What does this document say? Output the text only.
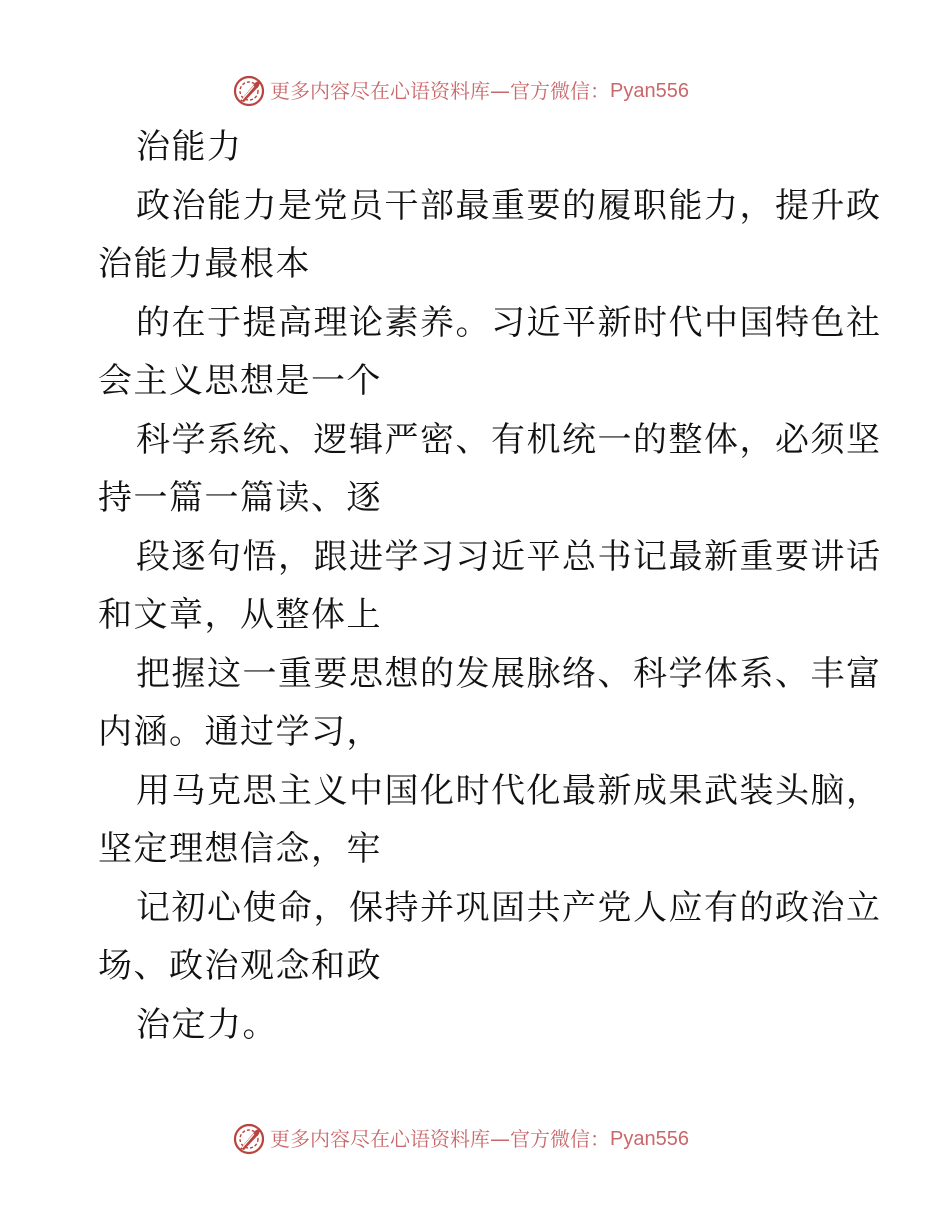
更多内容尽在心语资料库—官方微信： Pyan556
治能力
政治能力是党员干部最重要的履职能力，提升政
治能力最根本
的在于提高理论素养。习近平新时代中国特色社
会主义思想是一个
科学系统、逻辑严密、有机统一的整体，必须坚
持一篇一篇读、逐
段逐句悟，跟进学习习近平总书记最新重要讲话
和文章，从整体上
把握这一重要思想的发展脉络、科学体系、丰富
内涵。通过学习，
用马克思主义中国化时代化最新成果武装头脑，
坚定理想信念，牢
记初心使命，保持并巩固共产党人应有的政治立
场、政治观念和政
治定力。
更多内容尽在心语资料库—官方微信： Pyan556
